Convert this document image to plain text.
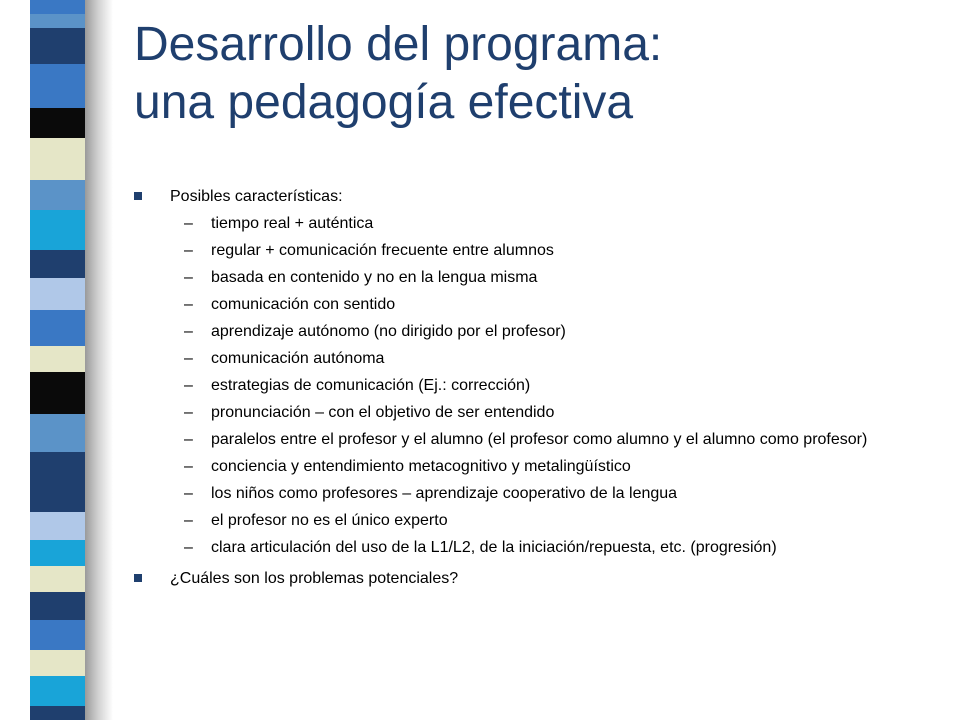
Desarrollo del programa:
una pedagogía efectiva
Posibles características:
– tiempo real + auténtica
– regular + comunicación frecuente entre alumnos
– basada en contenido y no en la lengua misma
– comunicación con sentido
– aprendizaje autónomo (no dirigido por el profesor)
– comunicación autónoma
– estrategias de comunicación (Ej.: corrección)
– pronunciación – con el objetivo de ser entendido
– paralelos entre el profesor y el alumno (el profesor como alumno y el alumno como profesor)
– conciencia y entendimiento metacognitivo y metalingüístico
– los niños como profesores – aprendizaje cooperativo de la lengua
– el profesor no es el único experto
– clara articulación del uso de la L1/L2, de la iniciación/repuesta, etc. (progresión)
¿Cuáles son los problemas potenciales?
